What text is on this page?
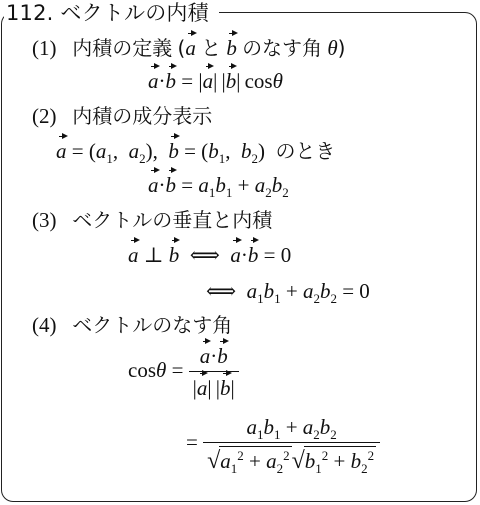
112. ベクトルの内積
(1) 内積の定義 (a と b のなす角 θ)
a·b = |a| |b| cosθ
(2) 内積の成分表示
$a = (a_1$,  $a_2$),  $b = (b_1$,  $b_2$)  のとき
$a\cdot b = a_1b_1 + a_2b_2$
(3) ベクトルの垂直と内積
a ⊥ b ⟺ a·b = 0
⟺ $a_1b_1 + a_2b_2 = 0$
(4) ベクトルのなす角
$\cos\theta = \frac{a\cdot b}{|a| |b|}$
= $\frac{a_1b_1 + a_2b_2}{√a_1^2 + a_2^2√b_1^2 + b_2^2}$
